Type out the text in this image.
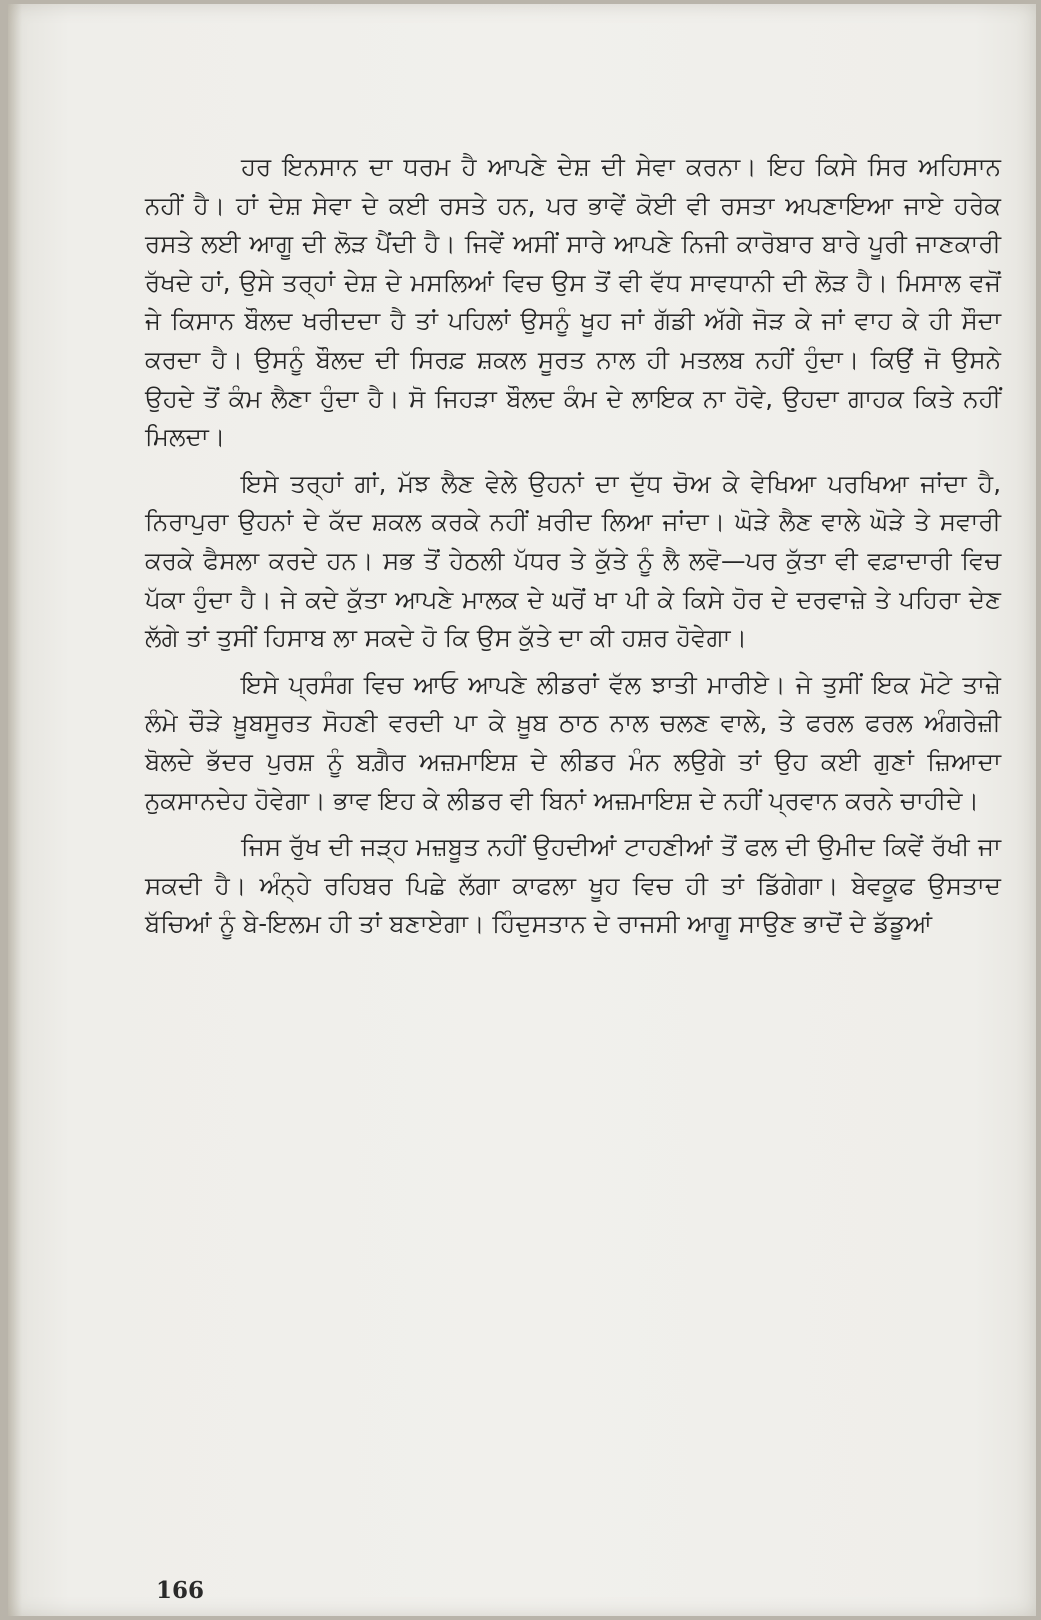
ਹਰ ਇਨਸਾਨ ਦਾ ਧਰਮ ਹੈ ਆਪਣੇ ਦੇਸ਼ ਦੀ ਸੇਵਾ ਕਰਨਾ। ਇਹ ਕਿਸੇ ਸਿਰ ਅਹਿਸਾਨ ਨਹੀਂ ਹੈ। ਹਾਂ ਦੇਸ਼ ਸੇਵਾ ਦੇ ਕਈ ਰਸਤੇ ਹਨ, ਪਰ ਭਾਵੇਂ ਕੋਈ ਵੀ ਰਸਤਾ ਅਪਣਾਇਆ ਜਾਏ ਹਰੇਕ ਰਸਤੇ ਲਈ ਆਗੂ ਦੀ ਲੋੜ ਪੈਂਦੀ ਹੈ। ਜਿਵੇਂ ਅਸੀਂ ਸਾਰੇ ਆਪਣੇ ਨਿਜੀ ਕਾਰੋਬਾਰ ਬਾਰੇ ਪੂਰੀ ਜਾਣਕਾਰੀ ਰੱਖਦੇ ਹਾਂ, ਉਸੇ ਤਰ੍ਹਾਂ ਦੇਸ਼ ਦੇ ਮਸਲਿਆਂ ਵਿਚ ਉਸ ਤੋਂ ਵੀ ਵੱਧ ਸਾਵਧਾਨੀ ਦੀ ਲੋੜ ਹੈ। ਮਿਸਾਲ ਵਜੋਂ ਜੇ ਕਿਸਾਨ ਬੌਲਦ ਖਰੀਦਦਾ ਹੈ ਤਾਂ ਪਹਿਲਾਂ ਉਸਨੂੰ ਖੂਹ ਜਾਂ ਗੱਡੀ ਅੱਗੇ ਜੋੜ ਕੇ ਜਾਂ ਵਾਹ ਕੇ ਹੀ ਸੌਦਾ ਕਰਦਾ ਹੈ। ਉਸਨੂੰ ਬੌਲਦ ਦੀ ਸਿਰਫ਼ ਸ਼ਕਲ ਸੂਰਤ ਨਾਲ ਹੀ ਮਤਲਬ ਨਹੀਂ ਹੁੰਦਾ। ਕਿਉਂ ਜੋ ਉਸਨੇ ਉਹਦੇ ਤੋਂ ਕੰਮ ਲੈਣਾ ਹੁੰਦਾ ਹੈ। ਸੋ ਜਿਹੜਾ ਬੌਲਦ ਕੰਮ ਦੇ ਲਾਇਕ ਨਾ ਹੋਵੇ, ਉਹਦਾ ਗਾਹਕ ਕਿਤੇ ਨਹੀਂ ਮਿਲਦਾ।

ਇਸੇ ਤਰ੍ਹਾਂ ਗਾਂ, ਮੱਝ ਲੈਣ ਵੇਲੇ ਉਹਨਾਂ ਦਾ ਦੁੱਧ ਚੋਅ ਕੇ ਵੇਖਿਆ ਪਰਖਿਆ ਜਾਂਦਾ ਹੈ, ਨਿਰਾਪੁਰਾ ਉਹਨਾਂ ਦੇ ਕੱਦ ਸ਼ਕਲ ਕਰਕੇ ਨਹੀਂ ਖ਼ਰੀਦ ਲਿਆ ਜਾਂਦਾ। ਘੋੜੇ ਲੈਣ ਵਾਲੇ ਘੋੜੇ ਤੇ ਸਵਾਰੀ ਕਰਕੇ ਫੈਸਲਾ ਕਰਦੇ ਹਨ। ਸਭ ਤੋਂ ਹੇਠਲੀ ਪੱਧਰ ਤੇ ਕੁੱਤੇ ਨੂੰ ਲੈ ਲਵੋ—ਪਰ ਕੁੱਤਾ ਵੀ ਵਫ਼ਾਦਾਰੀ ਵਿਚ ਪੱਕਾ ਹੁੰਦਾ ਹੈ। ਜੇ ਕਦੇ ਕੁੱਤਾ ਆਪਣੇ ਮਾਲਕ ਦੇ ਘਰੋਂ ਖਾ ਪੀ ਕੇ ਕਿਸੇ ਹੋਰ ਦੇ ਦਰਵਾਜ਼ੇ ਤੇ ਪਹਿਰਾ ਦੇਣ ਲੱਗੇ ਤਾਂ ਤੁਸੀਂ ਹਿਸਾਬ ਲਾ ਸਕਦੇ ਹੋ ਕਿ ਉਸ ਕੁੱਤੇ ਦਾ ਕੀ ਹਸ਼ਰ ਹੋਵੇਗਾ।

ਇਸੇ ਪ੍ਰਸੰਗ ਵਿਚ ਆਓ ਆਪਣੇ ਲੀਡਰਾਂ ਵੱਲ ਝਾਤੀ ਮਾਰੀਏ। ਜੇ ਤੁਸੀਂ ਇਕ ਮੋਟੇ ਤਾਜ਼ੇ ਲੰਮੇ ਚੌੜੇ ਖ਼ੂਬਸੂਰਤ ਸੋਹਣੀ ਵਰਦੀ ਪਾ ਕੇ ਖ਼ੂਬ ਠਾਠ ਨਾਲ ਚਲਣ ਵਾਲੇ, ਤੇ ਫਰਲ ਫਰਲ ਅੰਗਰੇਜ਼ੀ ਬੋਲਦੇ ਭੱਦਰ ਪੁਰਸ਼ ਨੂੰ ਬਗ਼ੈਰ ਅਜ਼ਮਾਇਸ਼ ਦੇ ਲੀਡਰ ਮੰਨ ਲਉਗੇ ਤਾਂ ਉਹ ਕਈ ਗੁਣਾਂ ਜ਼ਿਆਦਾ ਨੁਕਸਾਨਦੇਹ ਹੋਵੇਗਾ। ਭਾਵ ਇਹ ਕੇ ਲੀਡਰ ਵੀ ਬਿਨਾਂ ਅਜ਼ਮਾਇਸ਼ ਦੇ ਨਹੀਂ ਪ੍ਰਵਾਨ ਕਰਨੇ ਚਾਹੀਦੇ।

ਜਿਸ ਰੁੱਖ ਦੀ ਜੜ੍ਹ ਮਜ਼ਬੂਤ ਨਹੀਂ ਉਹਦੀਆਂ ਟਾਹਣੀਆਂ ਤੋਂ ਫਲ ਦੀ ਉਮੀਦ ਕਿਵੇਂ ਰੱਖੀ ਜਾ ਸਕਦੀ ਹੈ। ਅੰਨ੍ਹੇ ਰਹਿਬਰ ਪਿਛੇ ਲੱਗਾ ਕਾਫਲਾ ਖੂਹ ਵਿਚ ਹੀ ਤਾਂ ਡਿੱਗੇਗਾ। ਬੇਵਕੂਫ ਉਸਤਾਦ ਬੱਚਿਆਂ ਨੂੰ ਬੇ-ਇਲਮ ਹੀ ਤਾਂ ਬਣਾਏਗਾ। ਹਿੰਦੁਸਤਾਨ ਦੇ ਰਾਜਸੀ ਆਗੂ ਸਾਉਣ ਭਾਦੋਂ ਦੇ ਡੱਡੂਆਂ

166
